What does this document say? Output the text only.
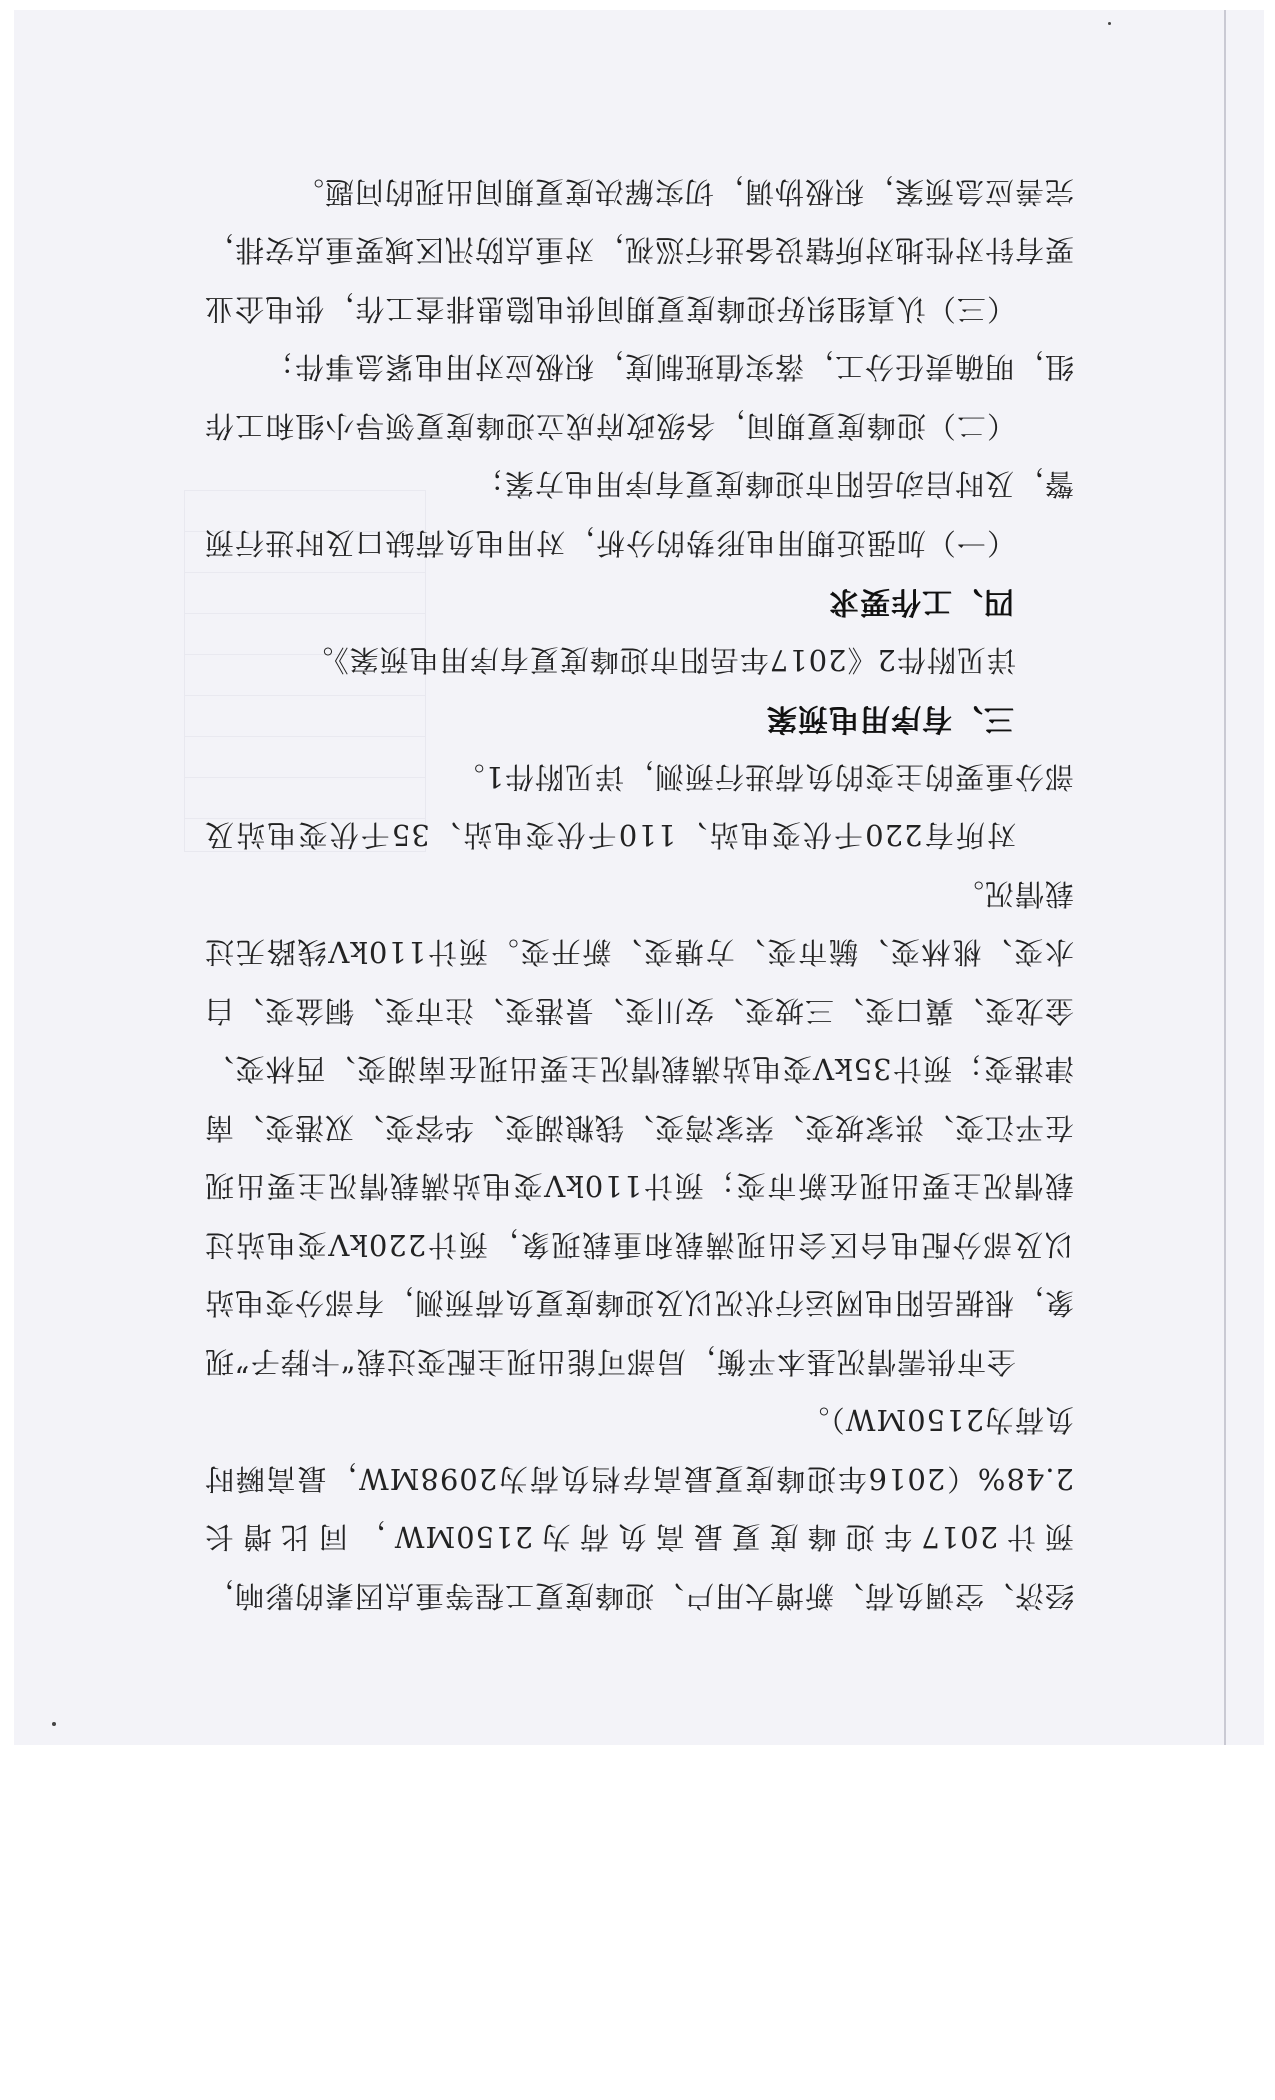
经济、空调负荷、新增大用户、迎峰度夏工程等重点因素的影响，预计2017年迎峰度夏最高负荷为2150MW，同比增长2.48%（2016年迎峰度夏最高存档负荷为2098MW，最高瞬时负荷为2150MW）。

全市供需情况基本平衡，局部可能出现主配变过载“卡脖子”现象，根据岳阳电网运行状况以及迎峰度夏负荷预测，有部分变电站以及部分配电台区会出现满载和重载现象，预计220kV变电站过载情况主要出现在新市变；预计110kV变电站满载情况主要出现在平江变、洪家坡变、荣家湾变、钱粮湖变、华容变、双港变、南津港变；预计35kV变电站满载情况主要出现在南湖变、西林变、金龙变、冀口变、三坡变、安川变、景港变、注市变、铜盆变、白水变、桃林变、毓市变、方塘变、新开变。预计110kV线路无过载情况。

对所有220千伏变电站、110千伏变电站、35千伏变电站及部分重要的主变的负荷进行预测，详见附件1。

三、有序用电预案

详见附件2《2017年岳阳市迎峰度夏有序用电预案》。

四、工作要求

（一）加强近期用电形势的分析，对用电负荷缺口及时进行预警，及时启动岳阳市迎峰度夏有序用电方案；

（二）迎峰度夏期间，各级政府成立迎峰度夏领导小组和工作组，明确责任分工，落实值班制度，积极应对用电紧急事件；

（三）认真组织好迎峰度夏期间供电隐患排查工作，供电企业要有针对性地对所辖设备进行巡视，对重点防汛区域要重点安排，完善应急预案，积极协调，切实解决度夏期间出现的问题。
